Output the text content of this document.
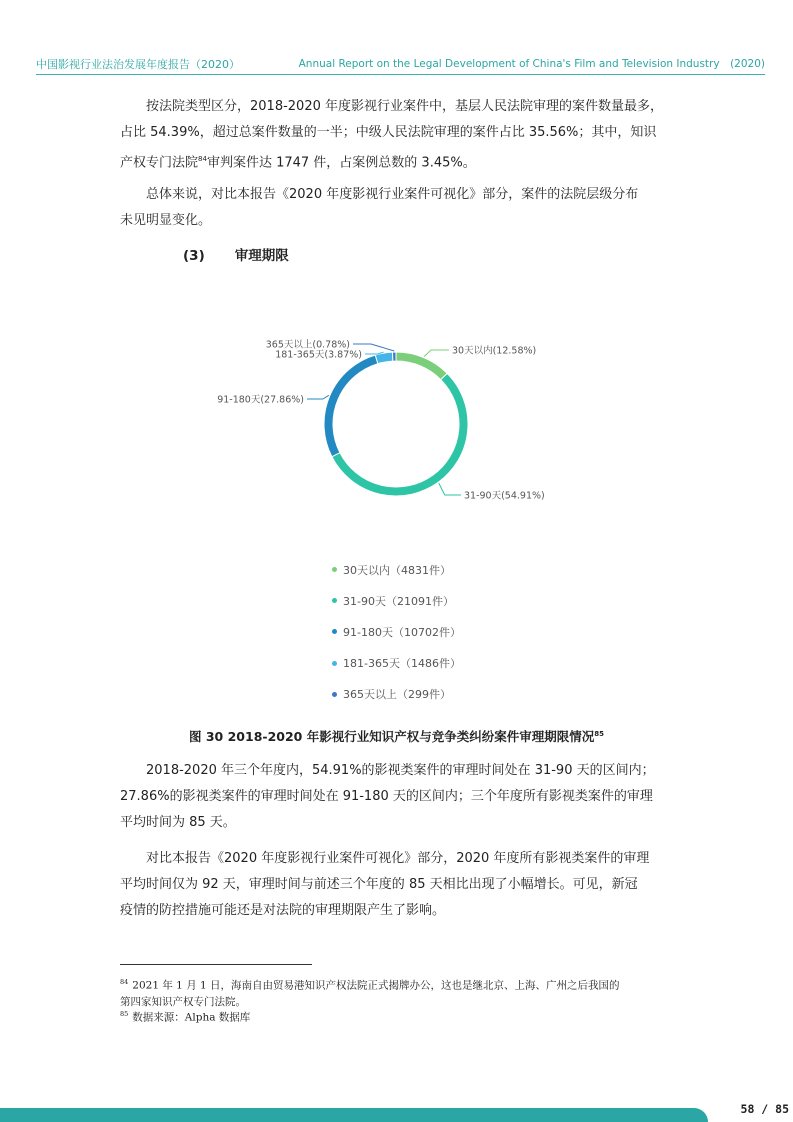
中国影视行业法治发展年度报告（2020）	Annual Report on the Legal Development of China's Film and Television Industry　(2020)
按法院类型区分，2018-2020 年度影视行业案件中，基层人民法院审理的案件数量最多，
占比 54.39%，超过总案件数量的一半；中级人民法院审理的案件占比 35.56%；其中，知识
产权专门法院$^{84}$审判案件达 1747 件，占案例总数的 3.45%。
总体来说，对比本报告《2020 年度影视行业案件可视化》部分，案件的法院层级分布
未见明显变化。
(3) 审理期限
30天以内(12.58%)
31-90天(54.91%)
91-180天(27.86%)
181-365天(3.87%)
365天以上(0.78%)
30天以内（4831件）
31-90天（21091件）
91-180天（10702件）
181-365天（1486件）
365天以上（299件）
图 30 2018-2020 年影视行业知识产权与竞争类纠纷案件审理期限情况$^{85}$
2018-2020 年三个年度内，54.91%的影视类案件的审理时间处在 31-90 天的区间内；
27.86%的影视类案件的审理时间处在 91-180 天的区间内；三个年度所有影视类案件的审理
平均时间为 85 天。
对比本报告《2020 年度影视行业案件可视化》部分，2020 年度所有影视类案件的审理
平均时间仅为 92 天，审理时间与前述三个年度的 85 天相比出现了小幅增长。可见，新冠
疫情的防控措施可能还是对法院的审理期限产生了影响。
$^{84}$ 2021 年 1 月 1 日，海南自由贸易港知识产权法院正式揭牌办公，这也是继北京、上海、广州之后我国的
第四家知识产权专门法院。
$^{85}$ 数据来源：Alpha 数据库
58 / 85
